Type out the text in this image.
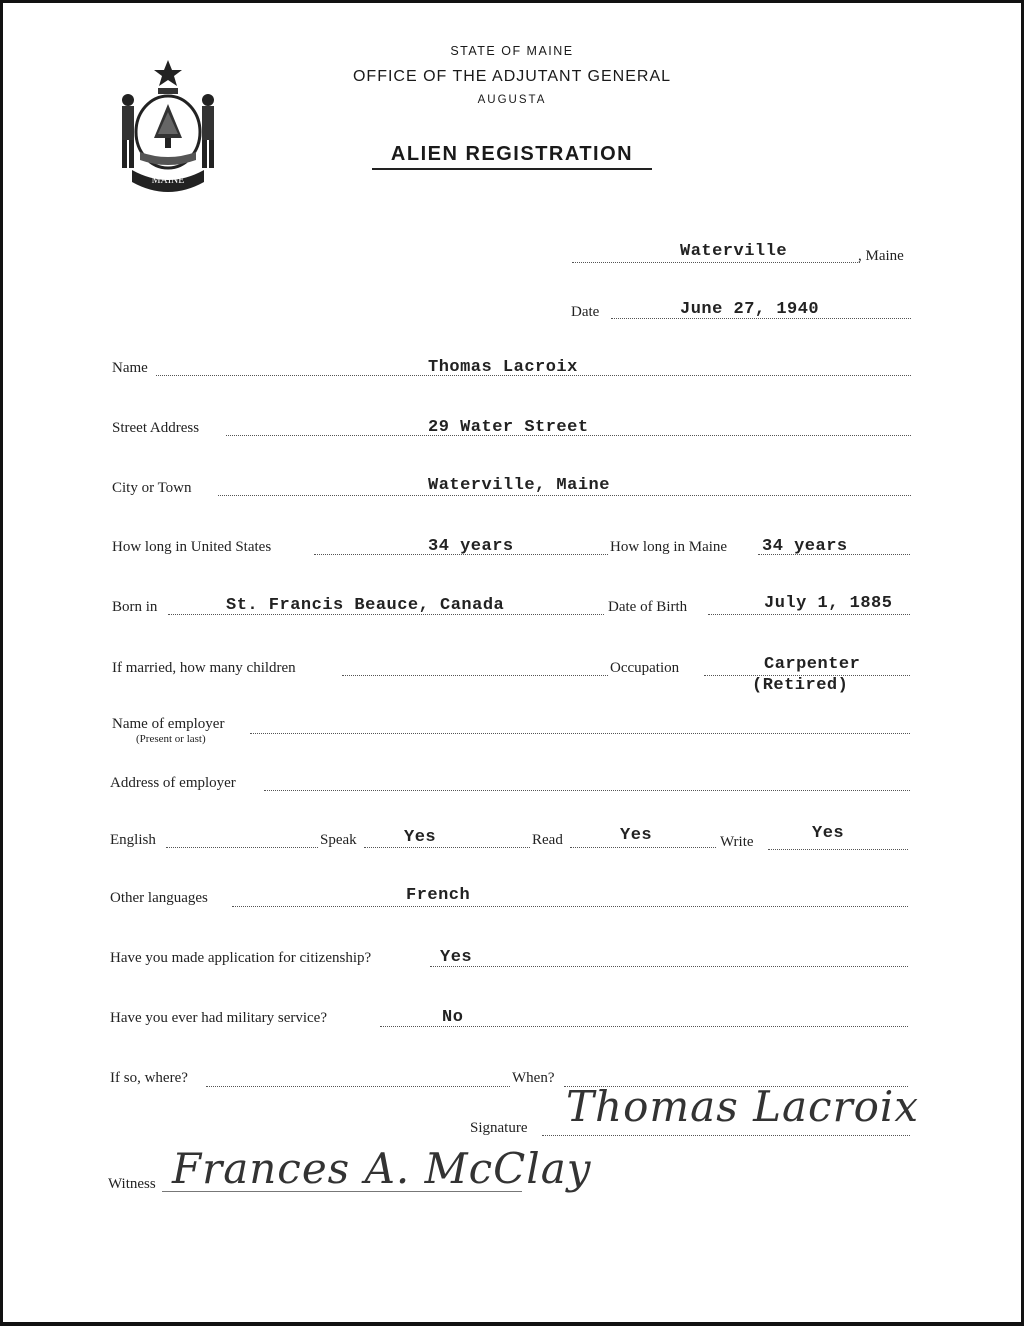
MAINE
STATE OF MAINE
OFFICE OF THE ADJUTANT GENERAL
AUGUSTA
ALIEN REGISTRATION
Waterville	, Maine
Date	June 27, 1940
Name	Thomas Lacroix
Street Address	29 Water Street
City or Town	Waterville, Maine
How long in United States	34 years	How long in Maine 34 years
Born in	St. Francis Beauce, Canada	Date of Birth	July 1, 1885
If married, how many children	Occupation	Carpenter
(Retired)
Name of employer
(Present or last)
Address of employer
English	Speak	Yes	Read	Yes	Write	Yes
Other languages	French
Have you made application for citizenship?	Yes
Have you ever had military service?	No
If so, where?	When?
Signature Thomas Lacroix
Witness Frances A. McClay
